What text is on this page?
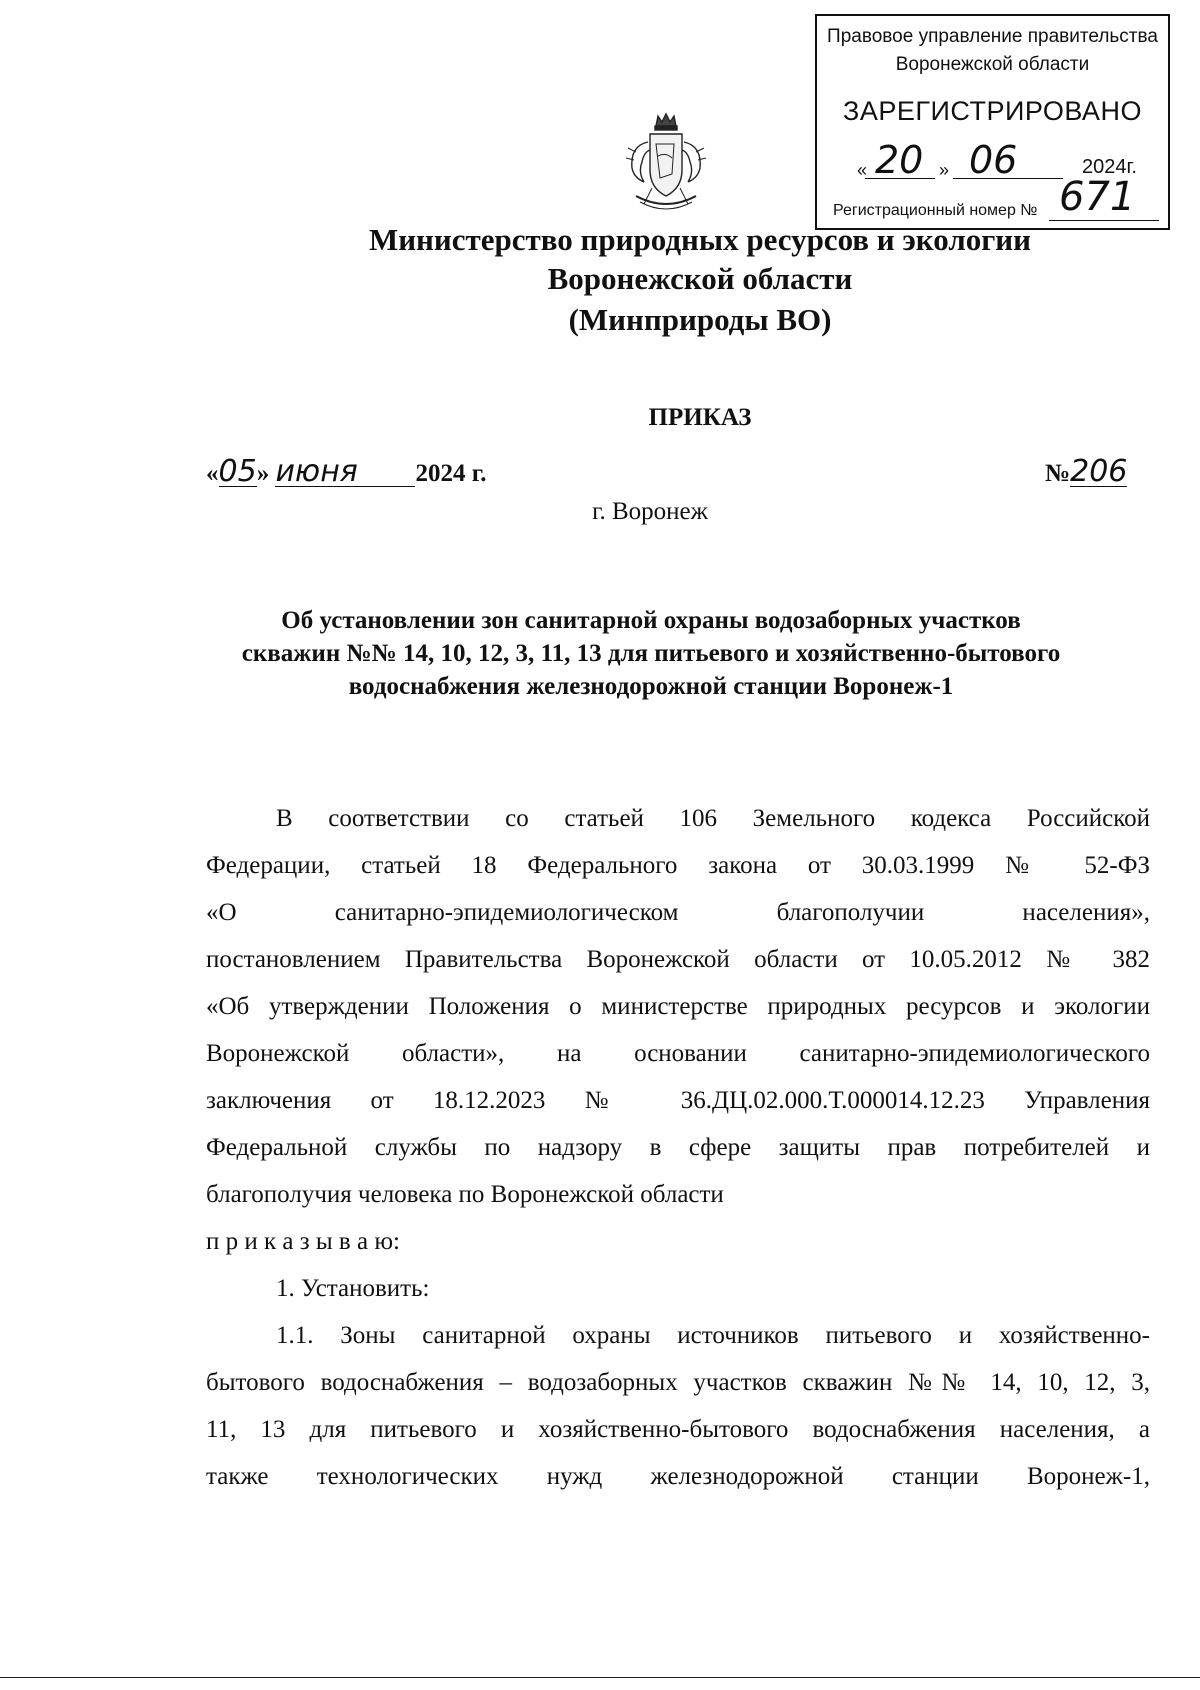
Правовое управление правительства
Воронежской области
ЗАРЕГИСТРИРОВАНО
« 20 » 06	2024г.
Регистрационный номер № 671
Министерство природных ресурсов и экологии
Воронежской области
(Минприроды ВО)
ПРИКАЗ
«05» июня 2024 г.	№206
г. Воронеж
Об установлении зон санитарной охраны водозаборных участков
скважин №№ 14, 10, 12, 3, 11, 13 для питьевого и хозяйственно-бытового
водоснабжения железнодорожной станции Воронеж-1

В соответствии со статьей 106 Земельного кодекса Российской

Федерации, статьей 18 Федерального закона от 30.03.1999 № 52-ФЗ

«О санитарно-эпидемиологическом благополучии населения»,

постановлением Правительства Воронежской области от 10.05.2012 № 382

«Об утверждении Положения о министерстве природных ресурсов и экологии

Воронежской области», на основании санитарно-эпидемиологического

заключения от 18.12.2023 № 36.ДЦ.02.000.Т.000014.12.23 Управления

Федеральной службы по надзору в сфере защиты прав потребителей и

благополучия человека по Воронежской области

п р и к а з ы в а ю:

1. Установить:

1.1. Зоны санитарной охраны источников питьевого и хозяйственно-

бытового водоснабжения – водозаборных участков скважин №№ 14, 10, 12, 3,

11, 13 для питьевого и хозяйственно-бытового водоснабжения населения, а

также технологических нужд железнодорожной станции Воронеж-1,
